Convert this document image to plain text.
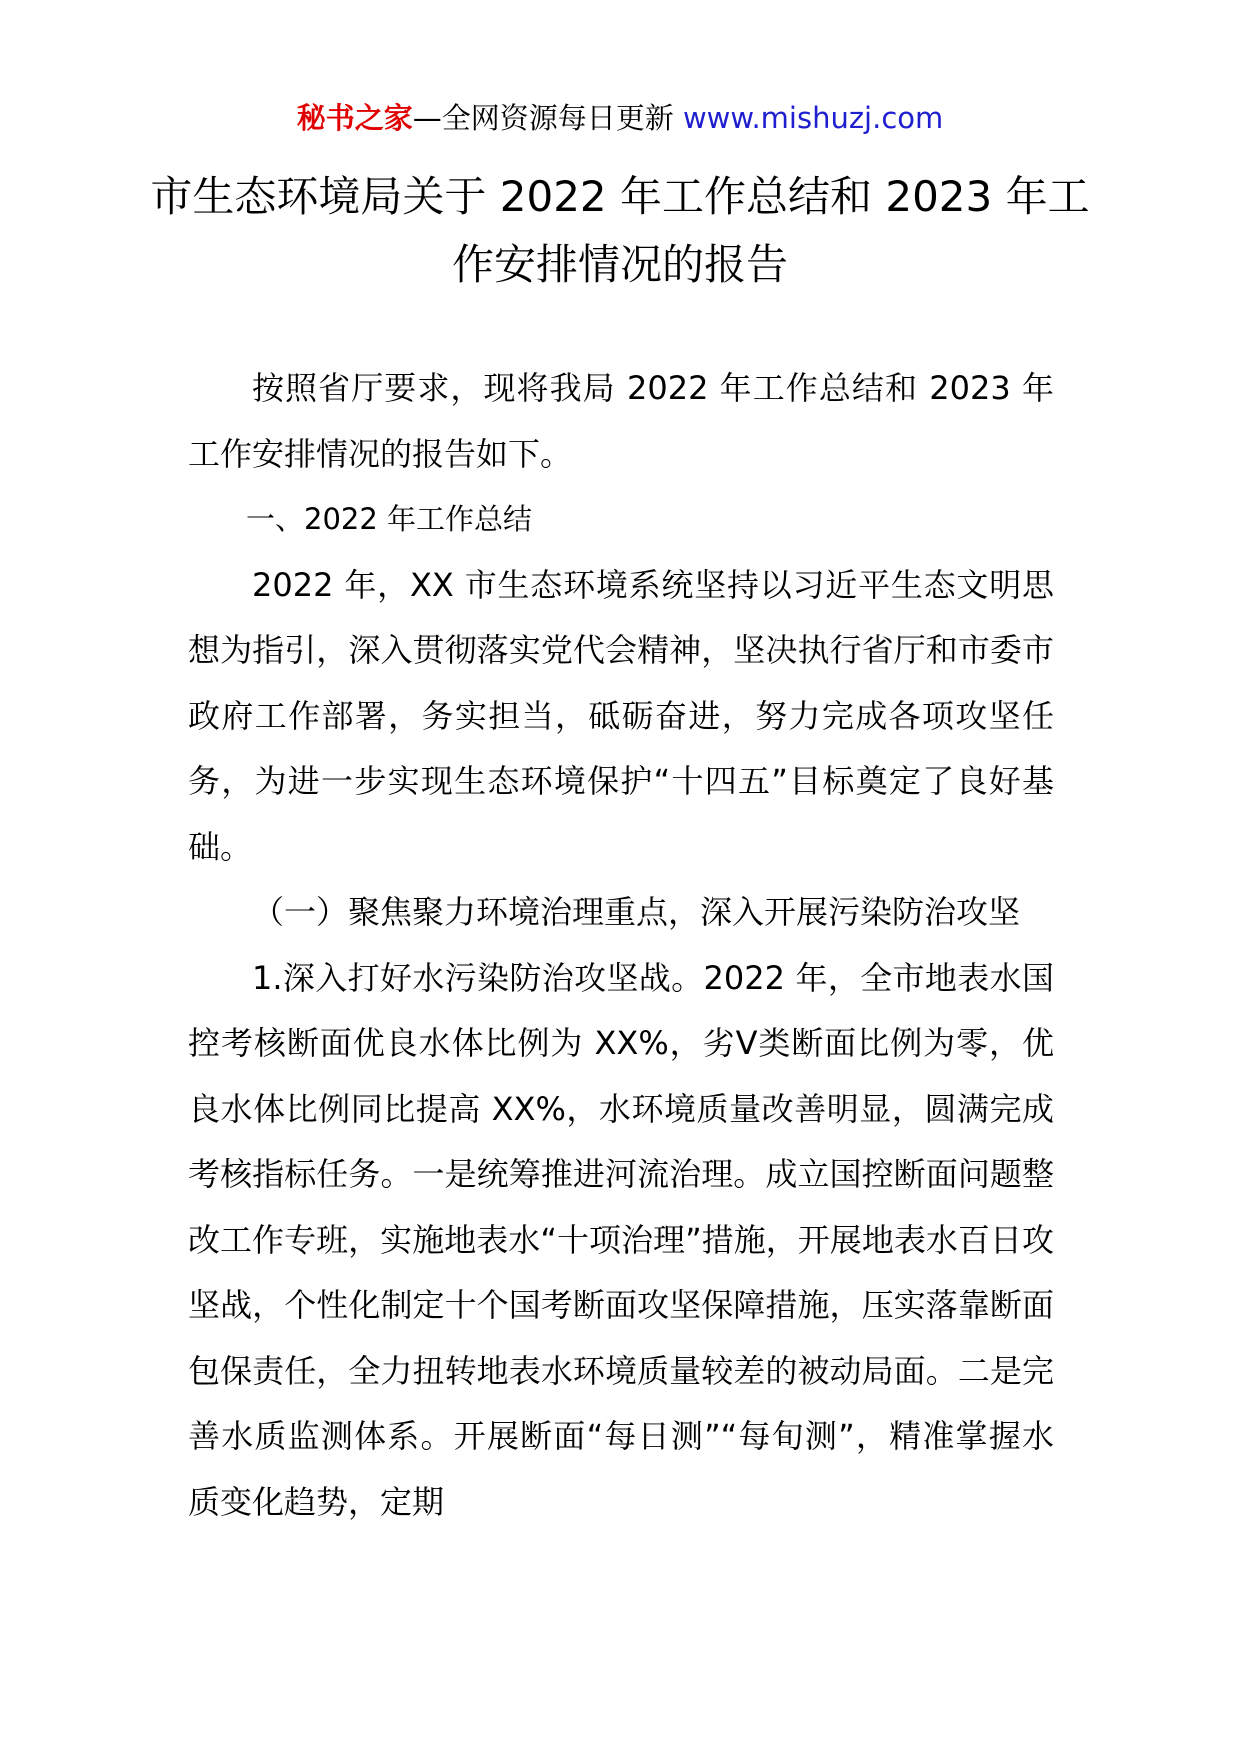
秘书之家—全网资源每日更新 www.mishuzj.com
市生态环境局关于 2022 年工作总结和 2023 年工作安排情况的报告

按照省厅要求，现将我局 2022 年工作总结和 2023 年工作安排情况的报告如下。

一、2022 年工作总结

2022 年，XX 市生态环境系统坚持以习近平生态文明思想为指引，深入贯彻落实党代会精神，坚决执行省厅和市委市政府工作部署，务实担当，砥砺奋进，努力完成各项攻坚任务，为进一步实现生态环境保护“十四五”目标奠定了良好基础。

（一）聚焦聚力环境治理重点，深入开展污染防治攻坚

1.深入打好水污染防治攻坚战。2022 年，全市地表水国控考核断面优良水体比例为 XX%，劣Ⅴ类断面比例为零，优良水体比例同比提高 XX%，水环境质量改善明显，圆满完成考核指标任务。一是统筹推进河流治理。成立国控断面问题整改工作专班，实施地表水“十项治理”措施，开展地表水百日攻坚战，个性化制定十个国考断面攻坚保障措施，压实落靠断面包保责任，全力扭转地表水环境质量较差的被动局面。二是完善水质监测体系。开展断面“每日测”“每旬测”，精准掌握水质变化趋势，定期
